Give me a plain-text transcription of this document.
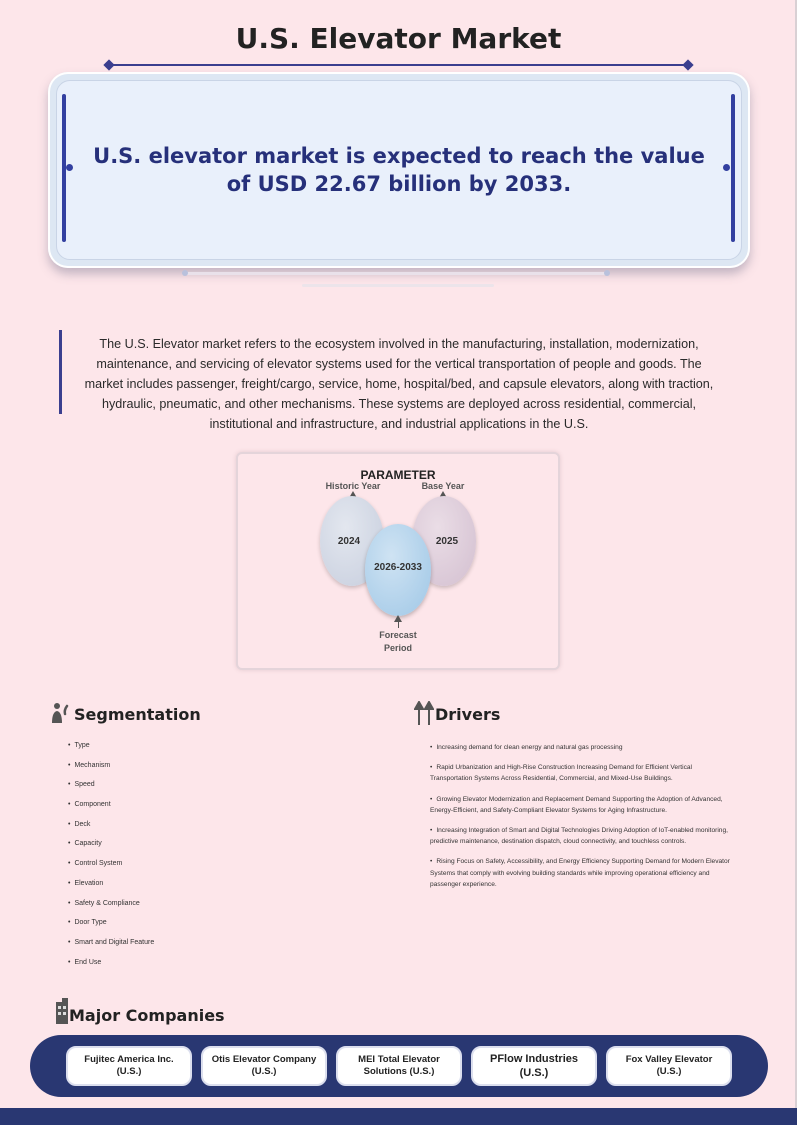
U.S. Elevator Market

U.S. elevator market is expected to reach the value of USD 22.67 billion by 2033.

The U.S. Elevator market refers to the ecosystem involved in the manufacturing, installation, modernization, maintenance, and servicing of elevator systems used for the vertical transportation of people and goods. The market includes passenger, freight/cargo, service, home, hospital/bed, and capsule elevators, along with traction, hydraulic, pneumatic, and other mechanisms. These systems are deployed across residential, commercial, institutional and infrastructure, and industrial applications in the U.S.

PARAMETER
Historic Year	Base Year
2024	2025
2026-2033
Forecast Period
Segmentation
• Type
• Mechanism
• Speed
• Component
• Deck
• Capacity
• Control System
• Elevation
• Safety & Compliance
• Door Type
• Smart and Digital Feature
• End Use
Drivers
• Increasing demand for clean energy and natural gas processing
• Rapid Urbanization and High-Rise Construction Increasing Demand for Efficient Vertical Transportation Systems Across Residential, Commercial, and Mixed-Use Buildings.
• Growing Elevator Modernization and Replacement Demand Supporting the Adoption of Advanced, Energy-Efficient, and Safety-Compliant Elevator Systems for Aging Infrastructure.
• Increasing Integration of Smart and Digital Technologies Driving Adoption of IoT-enabled monitoring, predictive maintenance, destination dispatch, cloud connectivity, and touchless controls.
• Rising Focus on Safety, Accessibility, and Energy Efficiency Supporting Demand for Modern Elevator Systems that comply with evolving building standards while improving operational efficiency and passenger experience.
Major Companies
Fujitec America Inc. (U.S.)
Otis Elevator Company (U.S.)
MEI Total Elevator Solutions (U.S.)
PFlow Industries (U.S.)
Fox Valley Elevator (U.S.)
